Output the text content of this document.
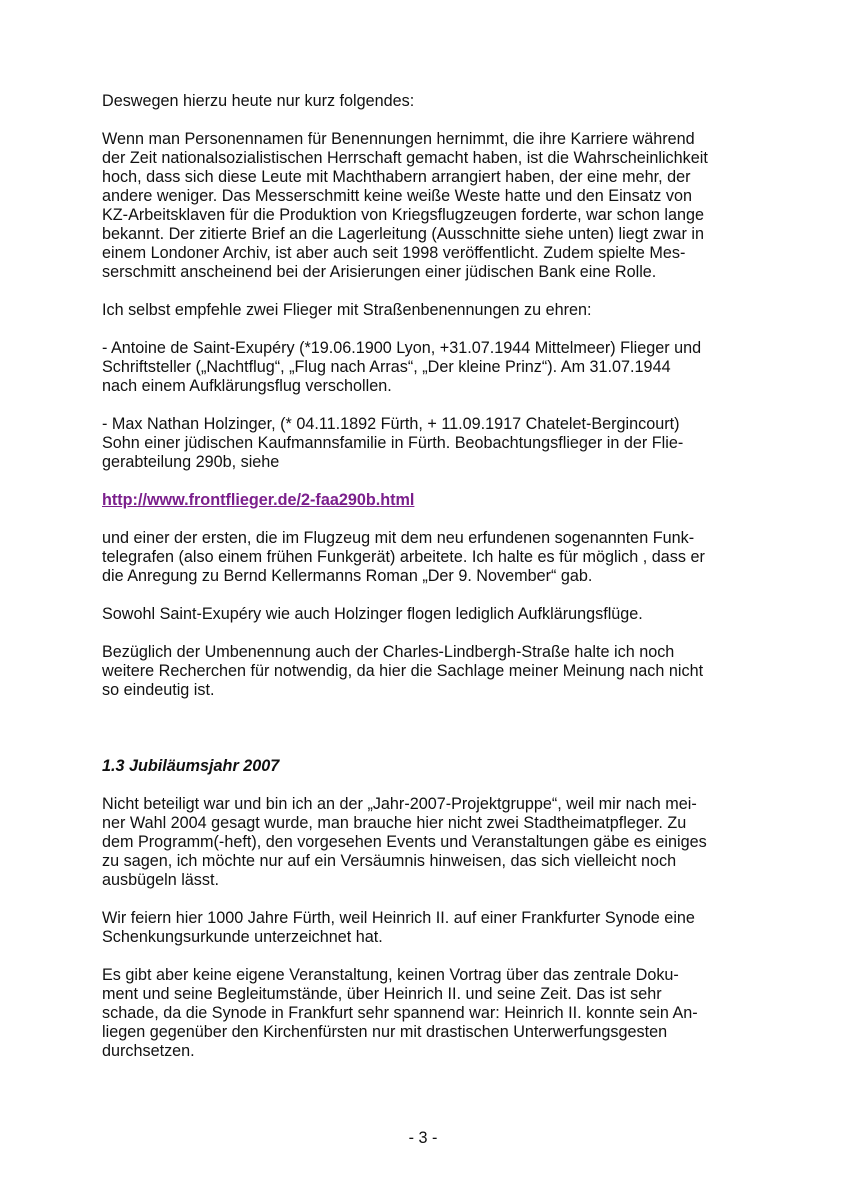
Deswegen hierzu heute nur kurz folgendes:

Wenn man Personennamen für Benennungen hernimmt, die ihre Karriere während
der Zeit nationalsozialistischen Herrschaft gemacht haben, ist die Wahrscheinlichkeit
hoch, dass sich diese Leute mit Machthabern arrangiert haben, der eine mehr, der
andere weniger. Das Messerschmitt keine weiße Weste hatte und den Einsatz von
KZ-Arbeitsklaven für die Produktion von Kriegsflugzeugen forderte, war schon lange
bekannt. Der zitierte Brief an die Lagerleitung (Ausschnitte siehe unten) liegt zwar in
einem Londoner Archiv, ist aber auch seit 1998 veröffentlicht. Zudem spielte Mes-
serschmitt anscheinend bei der Arisierungen einer jüdischen Bank eine Rolle.

Ich selbst empfehle zwei Flieger mit Straßenbenennungen zu ehren:

- Antoine de Saint-Exupéry (*19.06.1900 Lyon, +31.07.1944 Mittelmeer) Flieger und
Schriftsteller („Nachtflug“, „Flug nach Arras“, „Der kleine Prinz“). Am 31.07.1944
nach einem Aufklärungsflug verschollen.

- Max Nathan Holzinger, (* 04.11.1892 Fürth, + 11.09.1917 Chatelet-Bergincourt)
Sohn einer jüdischen Kaufmannsfamilie in Fürth. Beobachtungsflieger in der Flie-
gerabteilung 290b, siehe

http://www.frontflieger.de/2-faa290b.html

und einer der ersten, die im Flugzeug mit dem neu erfundenen sogenannten Funk-
telegrafen (also einem frühen Funkgerät) arbeitete. Ich halte es für möglich , dass er
die Anregung zu Bernd Kellermanns Roman „Der 9. November“ gab.

Sowohl Saint-Exupéry wie auch Holzinger flogen lediglich Aufklärungsflüge.

Bezüglich der Umbenennung auch der Charles-Lindbergh-Straße halte ich noch
weitere Recherchen für notwendig, da hier die Sachlage meiner Meinung nach nicht
so eindeutig ist.

1.3 Jubiläumsjahr 2007

Nicht beteiligt war und bin ich an der „Jahr-2007-Projektgruppe“, weil mir nach mei-
ner Wahl 2004 gesagt wurde, man brauche hier nicht zwei Stadtheimatpfleger. Zu
dem Programm(-heft), den vorgesehen Events und Veranstaltungen gäbe es einiges
zu sagen, ich möchte nur auf ein Versäumnis hinweisen, das sich vielleicht noch
ausbügeln lässt.

Wir feiern hier 1000 Jahre Fürth, weil Heinrich II. auf einer Frankfurter Synode eine
Schenkungsurkunde unterzeichnet hat.

Es gibt aber keine eigene Veranstaltung, keinen Vortrag über das zentrale Doku-
ment und seine Begleitumstände, über Heinrich II. und seine Zeit. Das ist sehr
schade, da die Synode in Frankfurt sehr spannend war: Heinrich II. konnte sein An-
liegen gegenüber den Kirchenfürsten nur mit drastischen Unterwerfungsgesten
durchsetzen.

- 3 -
